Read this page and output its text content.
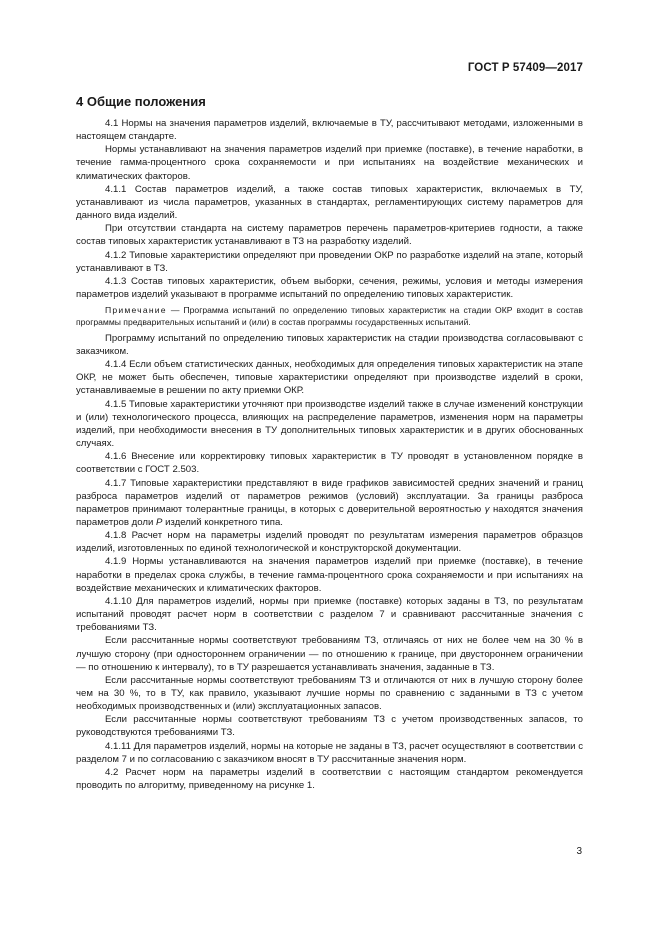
ГОСТ Р 57409—2017
4 Общие положения

4.1 Нормы на значения параметров изделий, включаемые в ТУ, рассчитывают методами, изложенными в настоящем стандарте.

Нормы устанавливают на значения параметров изделий при приемке (поставке), в течение наработки, в течение гамма-процентного срока сохраняемости и при испытаниях на воздействие механических и климатических факторов.

4.1.1 Состав параметров изделий, а также состав типовых характеристик, включаемых в ТУ, устанавливают из числа параметров, указанных в стандартах, регламентирующих систему параметров для данного вида изделий.

При отсутствии стандарта на систему параметров перечень параметров-критериев годности, а также состав типовых характеристик устанавливают в ТЗ на разработку изделий.

4.1.2 Типовые характеристики определяют при проведении ОКР по разработке изделий на этапе, который устанавливают в ТЗ.

4.1.3 Состав типовых характеристик, объем выборки, сечения, режимы, условия и методы измерения параметров изделий указывают в программе испытаний по определению типовых характеристик.

Примечание — Программа испытаний по определению типовых характеристик на стадии ОКР входит в состав программы предварительных испытаний и (или) в состав программы государственных испытаний.

Программу испытаний по определению типовых характеристик на стадии производства согласовывают с заказчиком.

4.1.4 Если объем статистических данных, необходимых для определения типовых характеристик на этапе ОКР, не может быть обеспечен, типовые характеристики определяют при производстве изделий в сроки, устанавливаемые в решении по акту приемки ОКР.

4.1.5 Типовые характеристики уточняют при производстве изделий также в случае изменений конструкции и (или) технологического процесса, влияющих на распределение параметров, изменения норм на параметры изделий, при необходимости внесения в ТУ дополнительных типовых характеристик и в других обоснованных случаях.

4.1.6 Внесение или корректировку типовых характеристик в ТУ проводят в установленном порядке в соответствии с ГОСТ 2.503.

4.1.7 Типовые характеристики представляют в виде графиков зависимостей средних значений и границ разброса параметров изделий от параметров режимов (условий) эксплуатации. За границы разброса параметров принимают толерантные границы, в которых с доверительной вероятностью γ находятся значения параметров доли P изделий конкретного типа.

4.1.8 Расчет норм на параметры изделий проводят по результатам измерения параметров образцов изделий, изготовленных по единой технологической и конструкторской документации.

4.1.9 Нормы устанавливаются на значения параметров изделий при приемке (поставке), в течение наработки в пределах срока службы, в течение гамма-процентного срока сохраняемости и при испытаниях на воздействие механических и климатических факторов.

4.1.10 Для параметров изделий, нормы при приемке (поставке) которых заданы в ТЗ, по результатам испытаний проводят расчет норм в соответствии с разделом 7 и сравнивают рассчитанные значения с требованиями ТЗ.

Если рассчитанные нормы соответствуют требованиям ТЗ, отличаясь от них не более чем на 30 % в лучшую сторону (при одностороннем ограничении — по отношению к границе, при двустороннем ограничении — по отношению к интервалу), то в ТУ разрешается устанавливать значения, заданные в ТЗ.

Если рассчитанные нормы соответствуют требованиям ТЗ и отличаются от них в лучшую сторону более чем на 30 %, то в ТУ, как правило, указывают лучшие нормы по сравнению с заданными в ТЗ с учетом необходимых производственных и (или) эксплуатационных запасов.

Если рассчитанные нормы соответствуют требованиям ТЗ с учетом производственных запасов, то руководствуются требованиями ТЗ.

4.1.11 Для параметров изделий, нормы на которые не заданы в ТЗ, расчет осуществляют в соответствии с разделом 7 и по согласованию с заказчиком вносят в ТУ рассчитанные значения норм.

4.2 Расчет норм на параметры изделий в соответствии с настоящим стандартом рекомендуется проводить по алгоритму, приведенному на рисунке 1.

3
